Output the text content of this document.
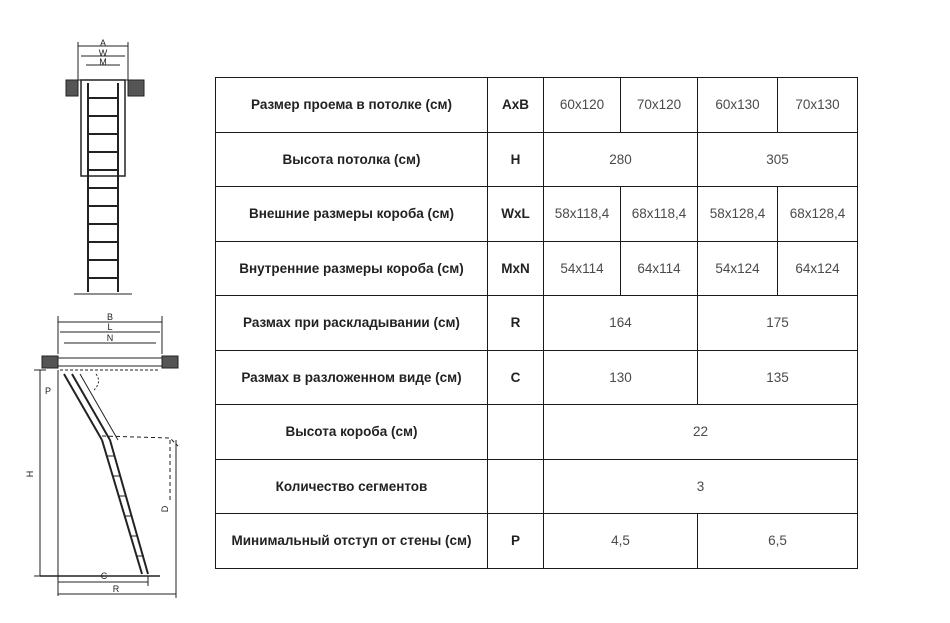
A
W
M
B
L
N
P
H
C
R
D
Размер проема в потолке (см)	AxB	60x120	70x120	60x130	70x130
Высота потолка (см)	H	280		305	
Внешние размеры короба (см)	WxL	58x118,4	68x118,4	58x128,4	68x128,4
Внутренние размеры короба (см)	MxN	54x114	64x114	54x124	64x124
Размах при раскладывании (см)	R	164		175	
Размах в разложенном виде (см)	C	130		135	
Высота короба (см)		22			
Количество сегментов		3			
Минимальный отступ от стены (см)	P	4,5		6,5	
